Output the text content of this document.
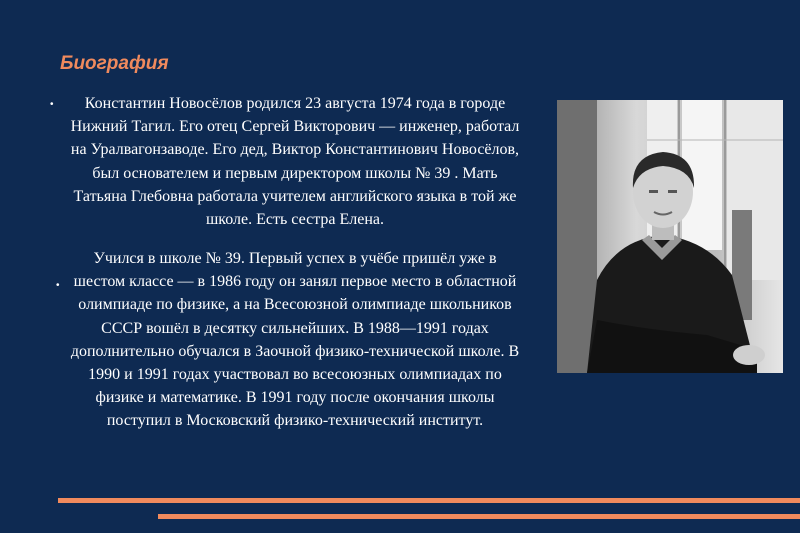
Биография
•	Константин Новосёлов родился 23 августа 1974 года в городе Нижний Тагил. Его отец Сергей Викторович — инженер, работал на Уралвагонзаводе. Его дед, Виктор Константинович Новосёлов, был основателем и первым директором школы № 39 . Мать Татьяна Глебовна работала учителем английского языка в той же школе. Есть сестра Елена.
•
Учился в школе № 39. Первый успех в учёбе пришёл уже в шестом классе — в 1986 году он занял первое место в областной олимпиаде по физике, а на Всесоюзной олимпиаде школьников СССР вошёл в десятку сильнейших. В 1988—1991 годах дополнительно обучался в Заочной физико-технической школе. В 1990 и 1991 годах участвовал во всесоюзных олимпиадах по физике и математике. В 1991 году после окончания школы поступил в Московский физико-технический институт.
